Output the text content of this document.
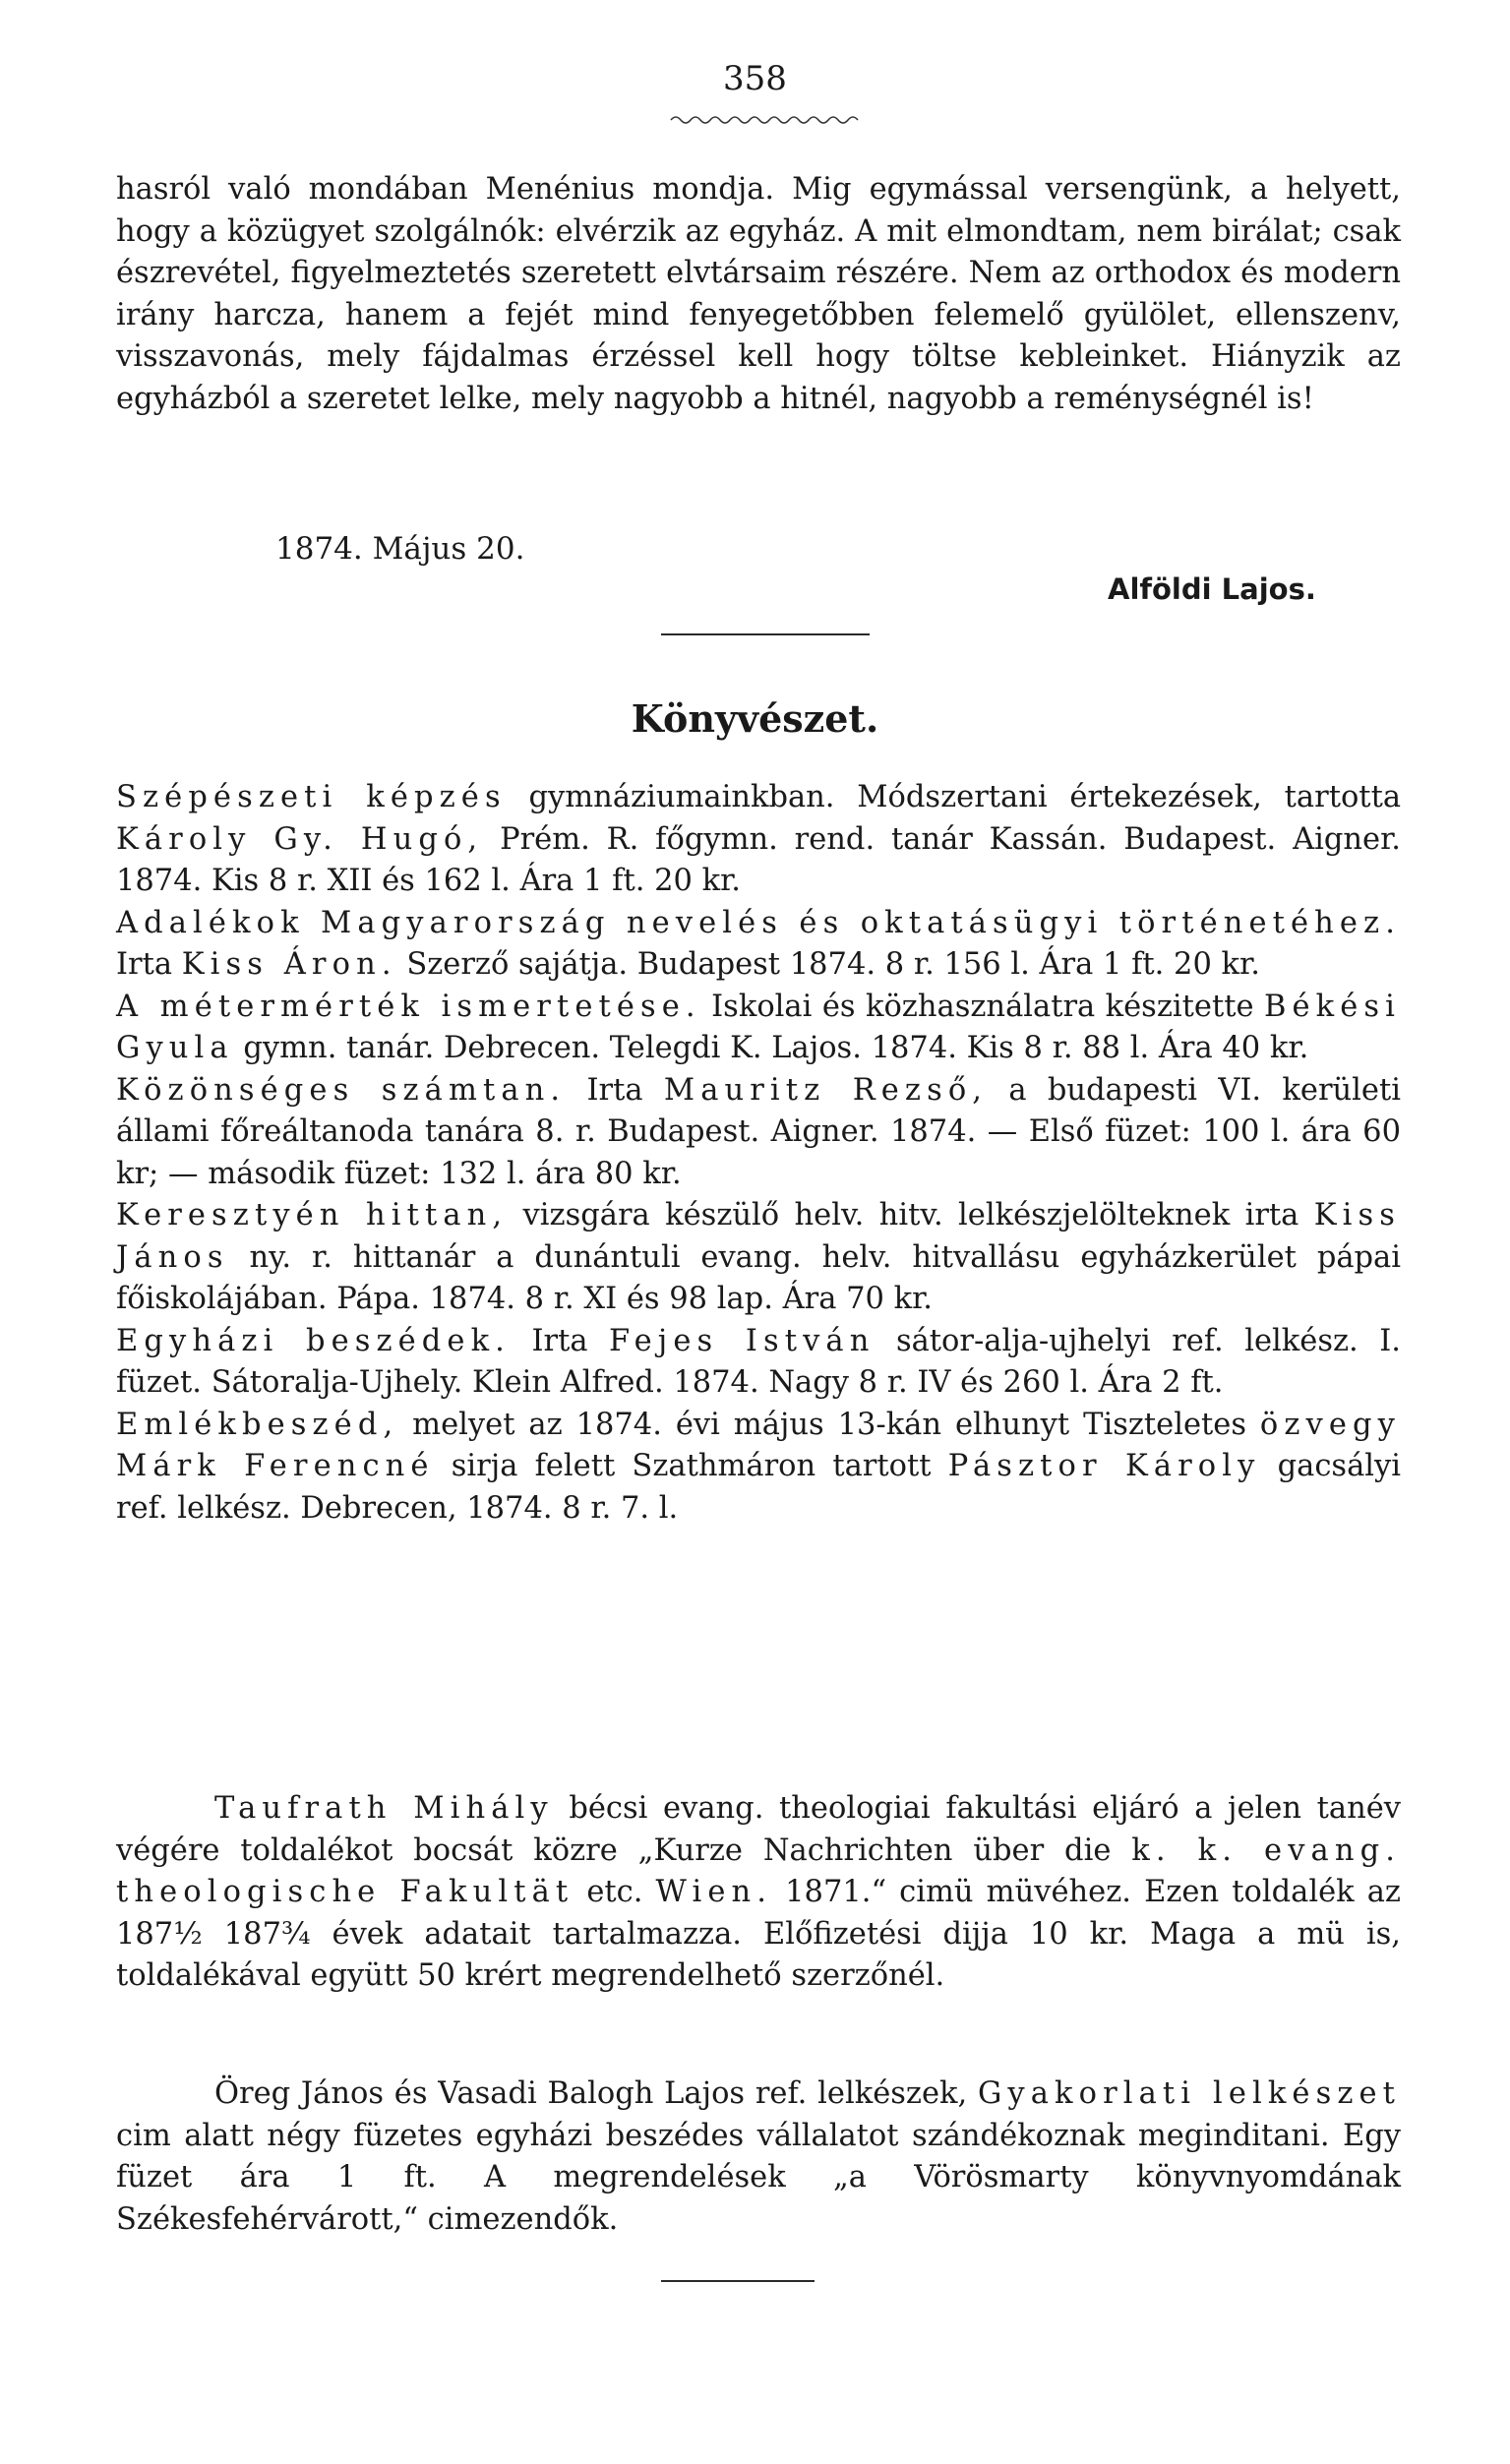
358

hasról való mondában Menénius mondja. Mig egymással versengünk, a helyett, hogy a közügyet szolgálnók: elvérzik az egyház. A mit elmondtam, nem birálat; csak észrevétel, figyelmeztetés szeretett elvtársaim részére. Nem az orthodox és modern irány harcza, hanem a fejét mind fenyegetőbben felemelő gyülölet, ellenszenv, visszavonás, mely fájdalmas érzéssel kell hogy töltse kebleinket. Hiányzik az egyházból a szeretet lelke, mely nagyobb a hitnél, nagyobb a reménységnél is!

1874. Május 20.
Alföldi Lajos.
Könyvészet.

Szépészeti képzés gymnáziumainkban. Módszertani értekezések, tartotta Károly Gy. Hugó, Prém. R. főgymn. rend. tanár Kassán. Budapest. Aigner. 1874. Kis 8 r. XII és 162 l. Ára 1 ft. 20 kr.

Adalékok Magyarország nevelés és oktatásügyi történetéhez. Irta Kiss Áron. Szerző sajátja. Budapest 1874. 8 r. 156 l. Ára 1 ft. 20 kr.

A métermérték ismertetése. Iskolai és közhasználatra készitette Békési Gyula gymn. tanár. Debrecen. Telegdi K. Lajos. 1874. Kis 8 r. 88 l. Ára 40 kr.

Közönséges számtan. Irta Mauritz Rezső, a budapesti VI. kerületi állami főreáltanoda tanára 8. r. Budapest. Aigner. 1874. — Első füzet: 100 l. ára 60 kr; — második füzet: 132 l. ára 80 kr.

Keresztyén hittan, vizsgára készülő helv. hitv. lelkészjelölteknek irta Kiss János ny. r. hittanár a dunántuli evang. helv. hitvallásu egyházkerület pápai főiskolájában. Pápa. 1874. 8 r. XI és 98 lap. Ára 70 kr.

Egyházi beszédek. Irta Fejes István sátor-alja-ujhelyi ref. lelkész. I. füzet. Sátoralja-Ujhely. Klein Alfred. 1874. Nagy 8 r. IV és 260 l. Ára 2 ft.

Emlékbeszéd, melyet az 1874. évi május 13-kán elhunyt Tiszteletes özvegy Márk Ferencné sirja felett Szathmáron tartott Pásztor Károly gacsályi ref. lelkész. Debrecen, 1874. 8 r. 7. l.

Taufrath Mihály bécsi evang. theologiai fakultási eljáró a jelen tanév végére toldalékot bocsát közre „Kurze Nachrichten über die k. k. evang. theologische Fakultät etc. Wien. 1871.“ cimü müvéhez. Ezen toldalék az 187½ 187¾ évek adatait tartalmazza. Előfizetési dijja 10 kr. Maga a mü is, toldalékával együtt 50 krért megrendelhető szerzőnél.

Öreg János és Vasadi Balogh Lajos ref. lelkészek, Gyakorlati lelkészet cim alatt négy füzetes egyházi beszédes vállalatot szándékoznak meginditani. Egy füzet ára 1 ft. A megrendelések „a Vörösmarty könyvnyomdának Székesfehérvárott,“ cimezendők.
